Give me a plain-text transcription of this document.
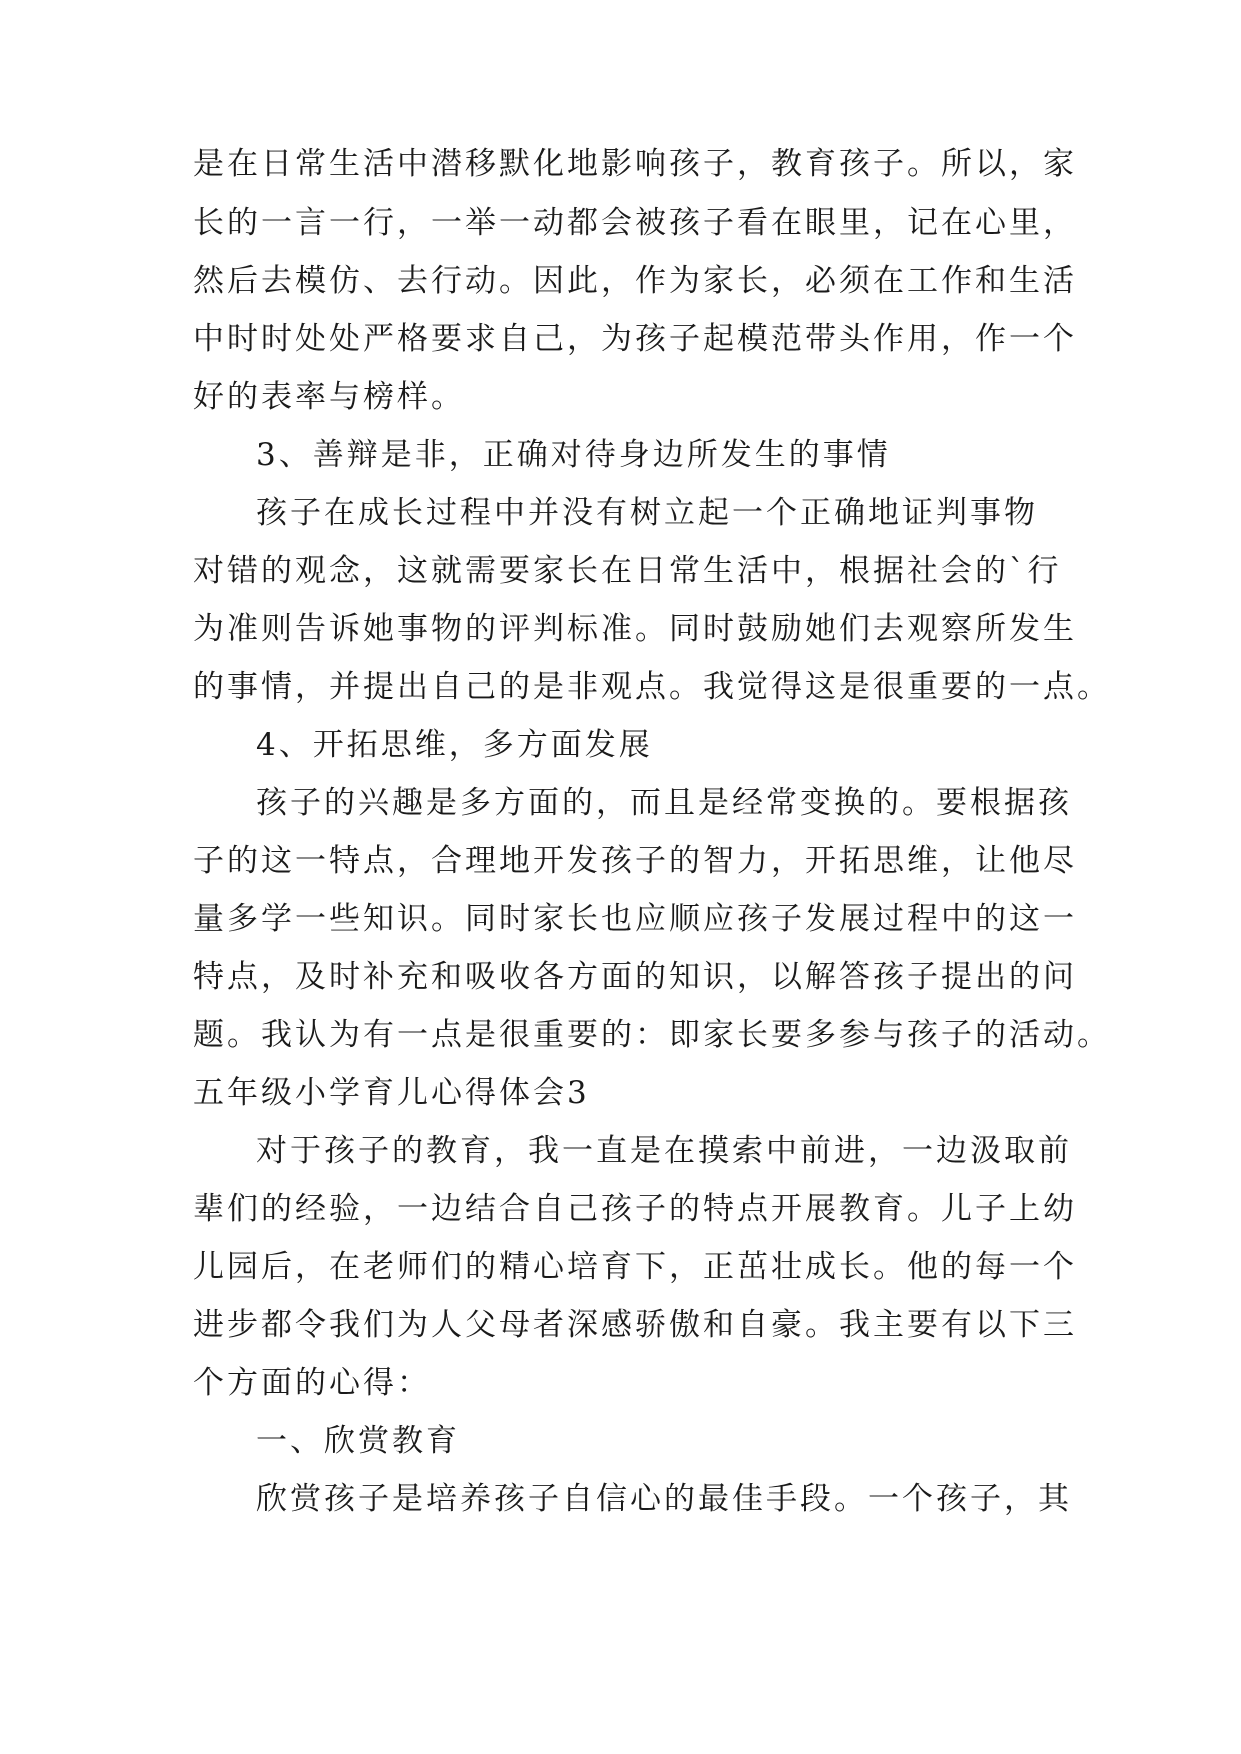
是在日常生活中潜移默化地影响孩子，教育孩子。所以，家
长的一言一行，一举一动都会被孩子看在眼里，记在心里，
然后去模仿、去行动。因此，作为家长，必须在工作和生活
中时时处处严格要求自己，为孩子起模范带头作用，作一个
好的表率与榜样。
3、善辩是非，正确对待身边所发生的事情
孩子在成长过程中并没有树立起一个正确地证判事物
对错的观念，这就需要家长在日常生活中，根据社会的`行
为准则告诉她事物的评判标准。同时鼓励她们去观察所发生
的事情，并提出自己的是非观点。我觉得这是很重要的一点。
4、开拓思维，多方面发展
孩子的兴趣是多方面的，而且是经常变换的。要根据孩
子的这一特点，合理地开发孩子的智力，开拓思维，让他尽
量多学一些知识。同时家长也应顺应孩子发展过程中的这一
特点，及时补充和吸收各方面的知识，以解答孩子提出的问
题。我认为有一点是很重要的：即家长要多参与孩子的活动。
五年级小学育儿心得体会3
对于孩子的教育，我一直是在摸索中前进，一边汲取前
辈们的经验，一边结合自己孩子的特点开展教育。儿子上幼
儿园后，在老师们的精心培育下，正茁壮成长。他的每一个
进步都令我们为人父母者深感骄傲和自豪。我主要有以下三
个方面的心得：
一、欣赏教育
欣赏孩子是培养孩子自信心的最佳手段。一个孩子，其
